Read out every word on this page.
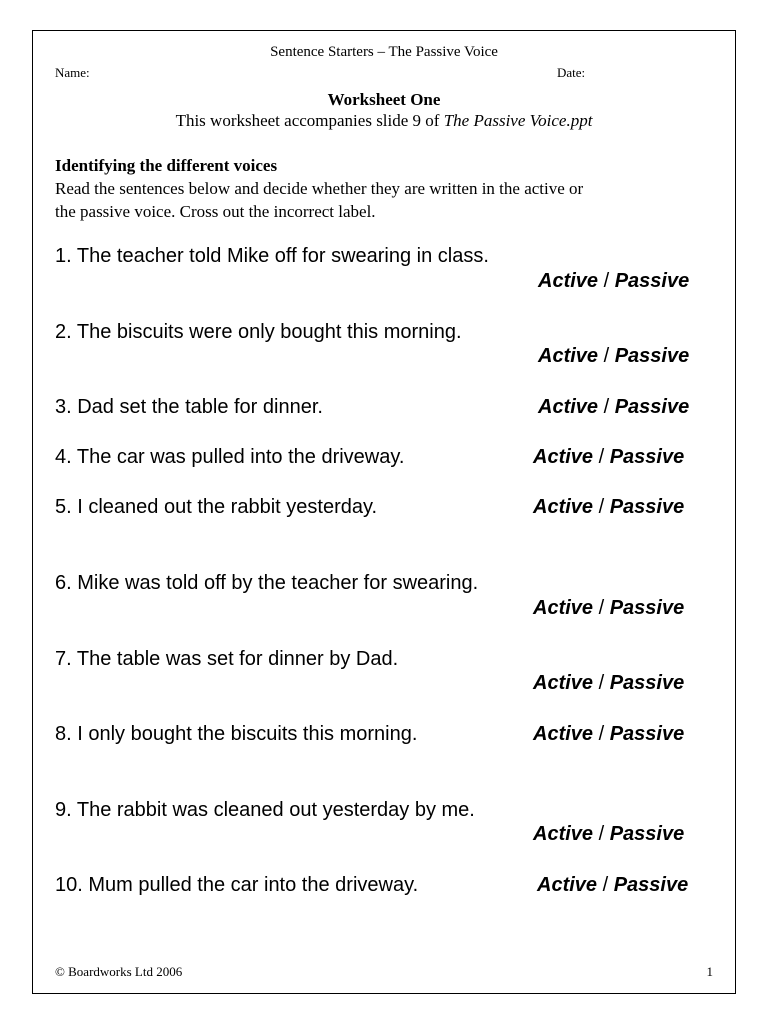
Sentence Starters – The Passive Voice
Name:	Date:
Worksheet One
This worksheet accompanies slide 9 of The Passive Voice.ppt
Identifying the different voices
Read the sentences below and decide whether they are written in the active or
the passive voice. Cross out the incorrect label.
1. The teacher told Mike off for swearing in class.
Active / Passive
2. The biscuits were only bought this morning.
Active / Passive
3. Dad set the table for dinner.	Active / Passive
4. The car was pulled into the driveway.	Active / Passive
5. I cleaned out the rabbit yesterday.	Active / Passive
6. Mike was told off by the teacher for swearing.
Active / Passive
7. The table was set for dinner by Dad.
Active / Passive
8. I only bought the biscuits this morning.	Active / Passive
9. The rabbit was cleaned out yesterday by me.
Active / Passive
10. Mum pulled the car into the driveway.	Active / Passive
© Boardworks Ltd 2006	1
